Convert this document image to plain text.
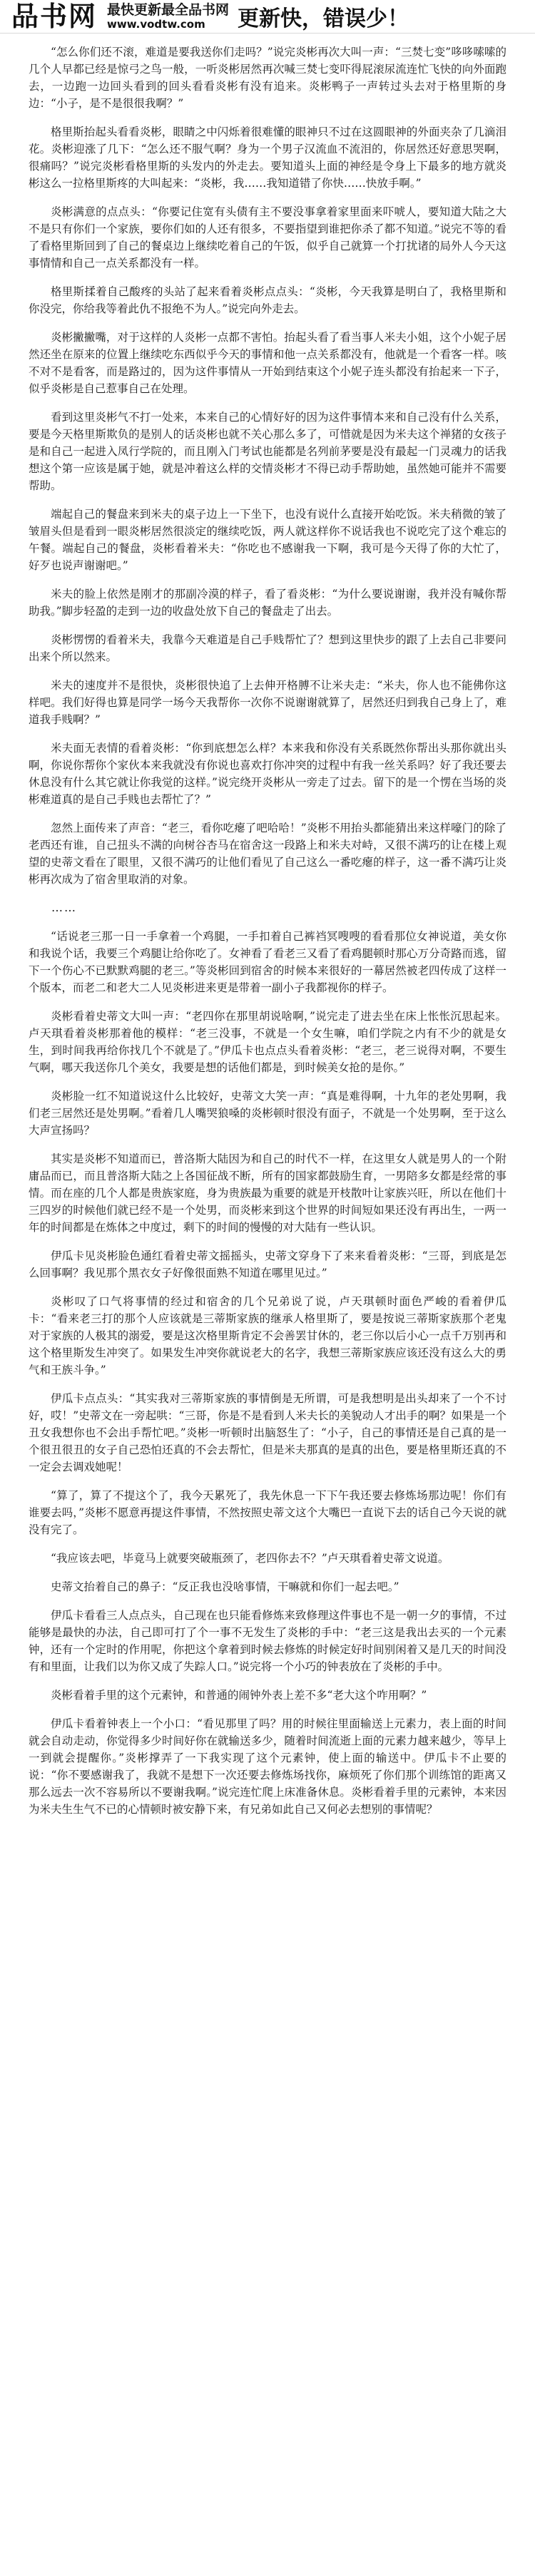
品书网 最快更新最全品书网
www.vodtw.com	更新快，错误少！

“怎么你们还不滚，难道是要我送你们走吗？”说完炎彬再次大叫一声：“三焚七变”哆哆嗦嗦的几个人早都已经是惊弓之鸟一般，一听炎彬居然再次喊三焚七变吓得屁滚尿流连忙飞快的向外面跑去，一边跑一边回头看到的回头看看炎彬有没有追来。炎彬鸭子一声转过头去对于格里斯的身边：“小子，是不是很很我啊？”

格里斯抬起头看看炎彬，眼睛之中闪烁着很难懂的眼神只不过在这圆眼神的外面夹杂了几滴泪花。炎彬迎涨了几下：“怎么还不服气啊？身为一个男子汉流血不流泪的，你居然还好意思哭啊，很痛吗？”说完炎彬看格里斯的头发内的外走去。要知道头上面的神经是令身上下最多的地方就炎彬这么一拉格里斯疼的大叫起来：“炎彬，我……我知道错了你快……快放手啊。”

炎彬满意的点点头：“你要记住宽有头债有主不要没事拿着家里面来吓唬人，要知道大陆之大不是只有你们一个家族，要你们如的人还有很多，不要指望到谁把你杀了都不知道。”说完不等的看了看格里斯回到了自己的餐桌边上继续吃着自己的午饭，似乎自己就算一个打扰诸的局外人今天这事情情和自己一点关系都没有一样。

格里斯揉着自己酸疼的头站了起来看着炎彬点点头：“炎彬，今天我算是明白了，我格里斯和你没完，你给我等着此仇不报绝不为人。”说完向外走去。

炎彬撇撇嘴，对于这样的人炎彬一点都不害怕。抬起头看了看当事人米夫小姐，这个小妮子居然还坐在原来的位置上继续吃东西似乎今天的事情和他一点关系都没有，他就是一个看客一样。咳不对不是看客，而是路过的，因为这件事情从一开始到结束这个小妮子连头都没有抬起来一下子，似乎炎彬是自己惹事自己在处理。

看到这里炎彬气不打一处来，本来自己的心情好好的因为这件事情本来和自己没有什么关系，要是今天格里斯欺负的是别人的话炎彬也就不关心那么多了，可惜就是因为米夫这个禅猪的女孩子是和自己一起进入凤行学院的，而且刚入门考试也能都是名列前茅要是没有最起一门灵魂力的话我想这个第一应该是属于她，就是冲着这么样的交情炎彬才不得已动手帮助她，虽然她可能并不需要帮助。

端起自己的餐盘来到米夫的桌子边上一下坐下，也没有说什么直接开始吃饭。米夫稍微的皱了皱眉头但是看到一眼炎彬居然很淡定的继续吃饭，两人就这样你不说话我也不说吃完了这个难忘的午餐。端起自己的餐盘，炎彬看着米夫：“你吃也不感谢我一下啊，我可是今天得了你的大忙了，好歹也说声谢谢吧。”

米夫的脸上依然是刚才的那副冷漠的样子，看了看炎彬：“为什么要说谢谢，我并没有喊你帮助我。”脚步轻盈的走到一边的收盘处放下自己的餐盘走了出去。

炎彬愣愣的看着米夫，我靠今天难道是自己手贱帮忙了？想到这里快步的跟了上去自己非要问出来个所以然来。

米夫的速度并不是很快，炎彬很快追了上去伸开格膊不让米夫走：“米夫，你人也不能佛你这样吧。我们好得也算是同学一场今天我帮你一次你不说谢谢就算了，居然还归到我自己身上了，难道我手贱啊？”

米夫面无表情的看着炎彬：“你到底想怎么样？本来我和你没有关系既然你帮出头那你就出头啊，你说你帮你个家伙本来我就没有你说也喜欢打你冲突的过程中有我一丝关系吗？好了我还要去休息没有什么其它就让你我觉的这样。”说完绕开炎彬从一旁走了过去。留下的是一个愣在当场的炎彬难道真的是自己手贱也去帮忙了？”

忽然上面传来了声音：“老三，看你吃瘪了吧哈哈！”炎彬不用抬头都能猜出来这样嚎门的除了老西还有谁，自己扭头不满的向树谷杏马在宿舍这一段路上和米夫对峙，又很不满巧的让在楼上观望的史蒂文看在了眼里，又很不满巧的让他们看见了自己这么一番吃瘪的样子，这一番不满巧让炎彬再次成为了宿舍里取消的对象。

……

“话说老三那一日一手拿着一个鸡腿，一手扣着自己裤裆冥嗖嗖的看看那位女神说道，美女你和我说个话，我要三个鸡腿让给你吃了。女神看了看老三又看了看鸡腿顿时那心万分奇路而逃，留下一个伤心不已默默鸡腿的老三。”等炎彬回到宿舍的时候本来很好的一幕居然被老四传成了这样一个版本，而老二和老大二人见炎彬进来更是带着一副小子我都视你的样子。

炎彬看着史蒂文大叫一声：“老四你在那里胡说啥啊，”说完走了进去坐在床上怅怅沉思起来。卢天琪看着炎彬那着他的模样：“老三没事，不就是一个女生嘛，咱们学院之内有不少的就是女生，到时间我再给你找几个不就是了。”伊瓜卡也点点头看着炎彬：“老三，老三说得对啊，不要生气啊，哪天我送你几个美女，我要是想的话他们都是，到时候美女抢的是你。”

炎彬脸一红不知道说这什么比较好，史蒂文大笑一声：“真是难得啊，十九年的老处男啊，我们老三居然还是处男啊。”看着几人嘴哭狼嗓的炎彬顿时很没有面子，不就是一个处男啊，至于这么大声宣扬吗？

其实是炎彬不知道而已，普洛斯大陆因为和自己的时代不一样，在这里女人就是男人的一个附庸品而已，而且普洛斯大陆之上各国征战不断，所有的国家都鼓励生育，一男陪多女都是经常的事情。而在座的几个人都是贵族家庭，身为贵族最为重要的就是开枝散叶让家族兴旺，所以在他们十三四岁的时候他们就已经不是一个处男，而炎彬来到这个世界的时间短如果还没有再出生，一两一年的时间都是在炼体之中度过，剩下的时间的慢慢的对大陆有一些认识。

伊瓜卡见炎彬脸色通红看着史蒂文摇摇头，史蒂文穿身下了来来看着炎彬：“三哥，到底是怎么回事啊？我见那个黑衣女子好像很面熟不知道在哪里见过。”

炎彬叹了口气将事情的经过和宿舍的几个兄弟说了说，卢天琪顿时面色严峻的看着伊瓜卡：“看来老三打的那个人应该就是三蒂斯家族的继承人格里斯了，要是按说三蒂斯家族那个老鬼对于家族的人极其的溺爱，要是这次格里斯肯定不会善罢甘休的，老三你以后小心一点千万别再和这个格里斯发生冲突了。如果发生冲突你就说老大的名字，我想三蒂斯家族应该还没有这么大的勇气和王族斗争。”

伊瓜卡点点头：“其实我对三蒂斯家族的事情倒是无所谓，可是我想明是出头却来了一个不讨好，哎！”史蒂文在一旁起哄：“三哥，你是不是看到人米夫长的美貌动人才出手的啊？如果是一个丑女我想你也不会出手帮忙吧。”炎彬一听顿时出脑怒生了：“小子，自己的事情还是自己真的是一个很丑很丑的女子自己恐怕还真的不会去帮忙，但是米夫那真的是真的出色，要是格里斯还真的不一定会去调戏她呢！

“算了，算了不提这个了，我今天累死了，我先休息一下下午我还要去修炼场那边呢！你们有谁要去吗，”炎彬不愿意再提这件事情，不然按照史蒂文这个大嘴巴一直说下去的话自己今天说的就没有完了。

“我应该去吧，毕竟马上就要突破瓶颈了，老四你去不？”卢天琪看着史蒂文说道。

史蒂文抬着自己的鼻子：“反正我也没啥事情，干嘛就和你们一起去吧。”

伊瓜卡看看三人点点头，自己现在也只能看修炼来致修理这件事也不是一朝一夕的事情，不过能够是最快的办法，自己即可打了个一事不无发生了炎彬的手中：“老三这是我出去买的一个元素钟，还有一个定时的作用呢，你把这个拿着到时候去修炼的时候定好时间别闲着又是几天的时间没有和里面，让我们以为你又成了失踪人口。”说完将一个小巧的钟表放在了炎彬的手中。

炎彬看着手里的这个元素钟，和普通的闹钟外表上差不多“老大这个咋用啊？”

伊瓜卡看着钟表上一个小口：“看见那里了吗？用的时候往里面输送上元素力，表上面的时间就会自动走动，你觉得多少时间好你在就输送多少，随着时间流逝上面的元素力越来越少，等早上一到就会提醒你。”炎彬撑弄了一下我实现了这个元素钟，使上面的输送中。伊瓜卡不止要的说：“你不要感谢我了，我就不是想下一次还要去修炼场找你，麻烦死了你们那个训练馆的距离又那么远去一次不容易所以不要谢我啊。”说完连忙爬上床准备休息。炎彬看着手里的元素钟，本来因为米夫生生气不已的心情顿时被安静下来，有兄弟如此自己又何必去想别的事情呢？
